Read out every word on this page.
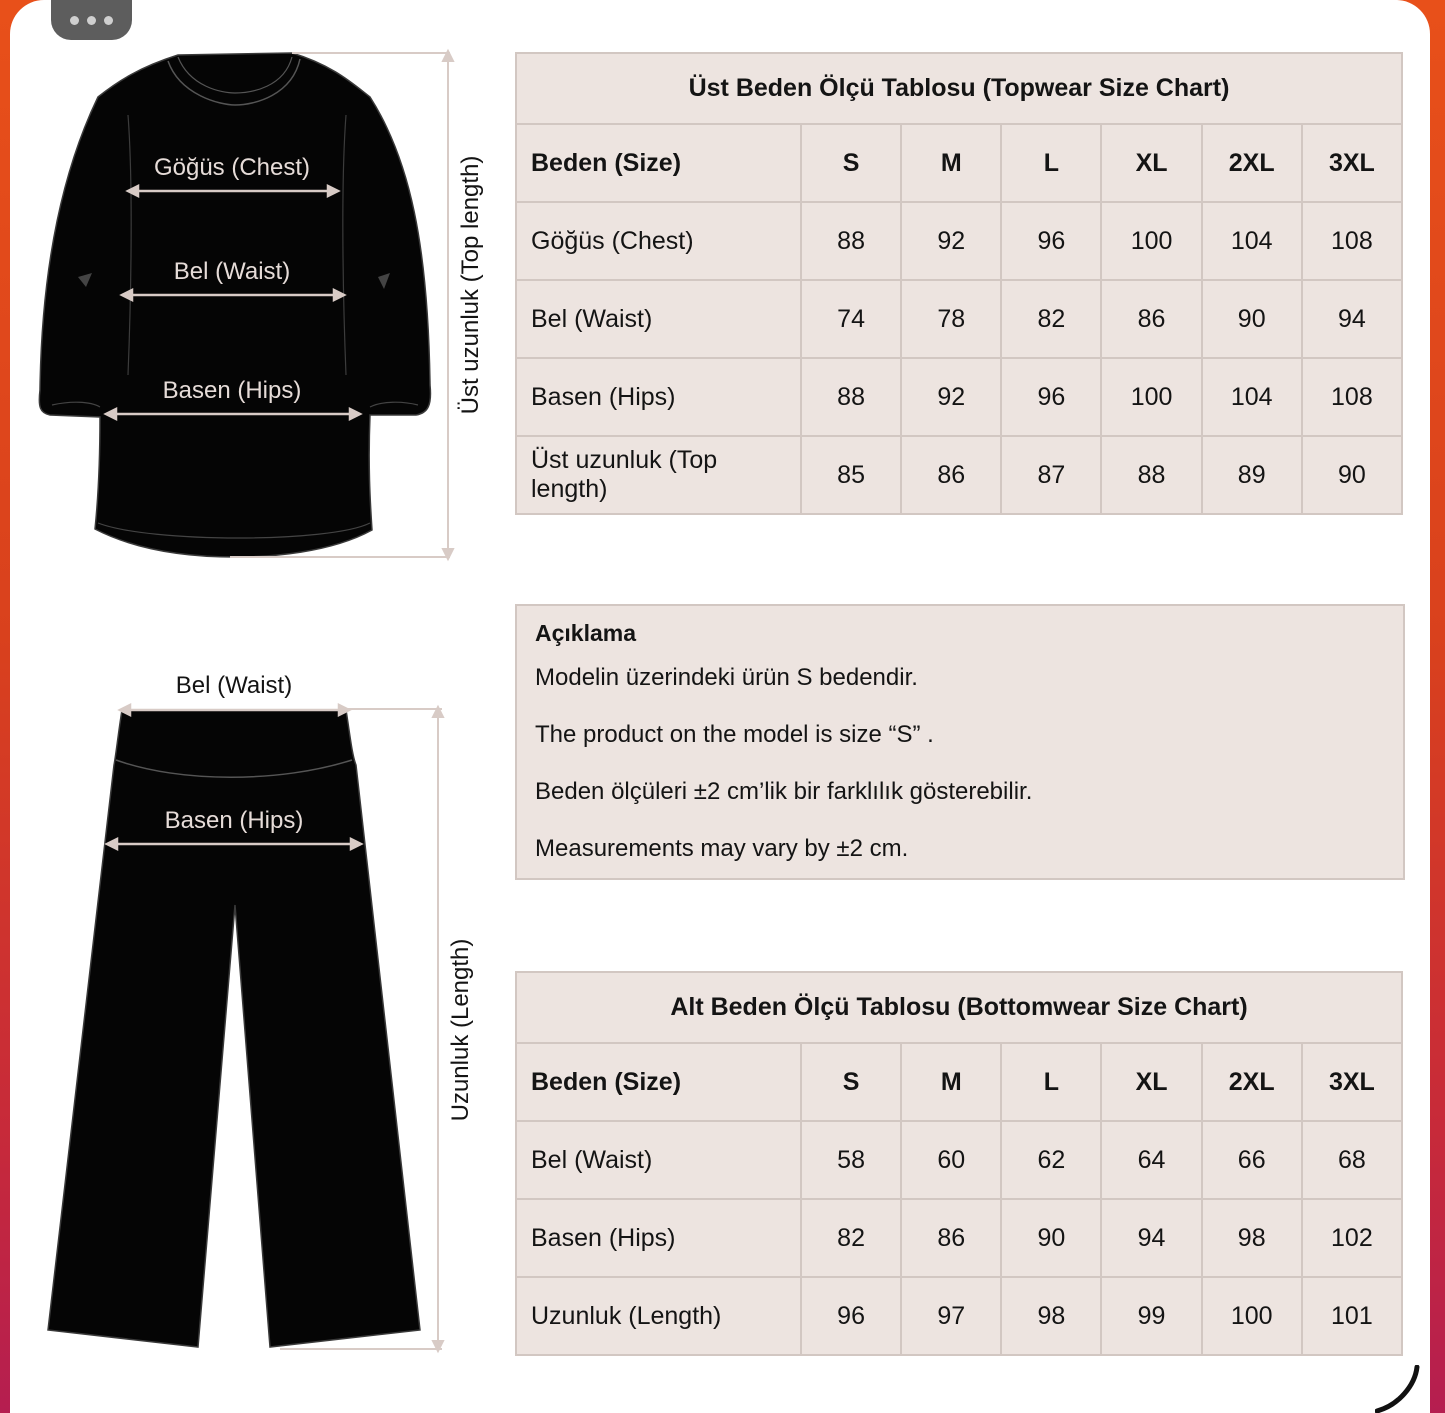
Göğüs (Chest)
Bel (Waist)
Basen (Hips)	Üst uzunluk (Top length)
Bel (Waist)
Basen (Hips)
Uzunluk (Length)
Üst Beden Ölçü Tablosu (Topwear Size Chart)						
Beden (Size)	S	M	L	XL	2XL	3XL
Göğüs (Chest)	88	92	96	100	104	108
Bel (Waist)	74	78	82	86	90	94
Basen (Hips)	88	92	96	100	104	108
Üst uzunluk (Top length)	85	86	87	88	89	90
Açıklama
Modelin üzerindeki ürün S bedendir.
The product on the model is size “S” .
Beden ölçüleri ±2 cm’lik bir farklılık gösterebilir.
Measurements may vary by ±2 cm.
Alt Beden Ölçü Tablosu (Bottomwear Size Chart)						
Beden (Size)	S	M	L	XL	2XL	3XL
Bel (Waist)	58	60	62	64	66	68
Basen (Hips)	82	86	90	94	98	102
Uzunluk (Length)	96	97	98	99	100	101
